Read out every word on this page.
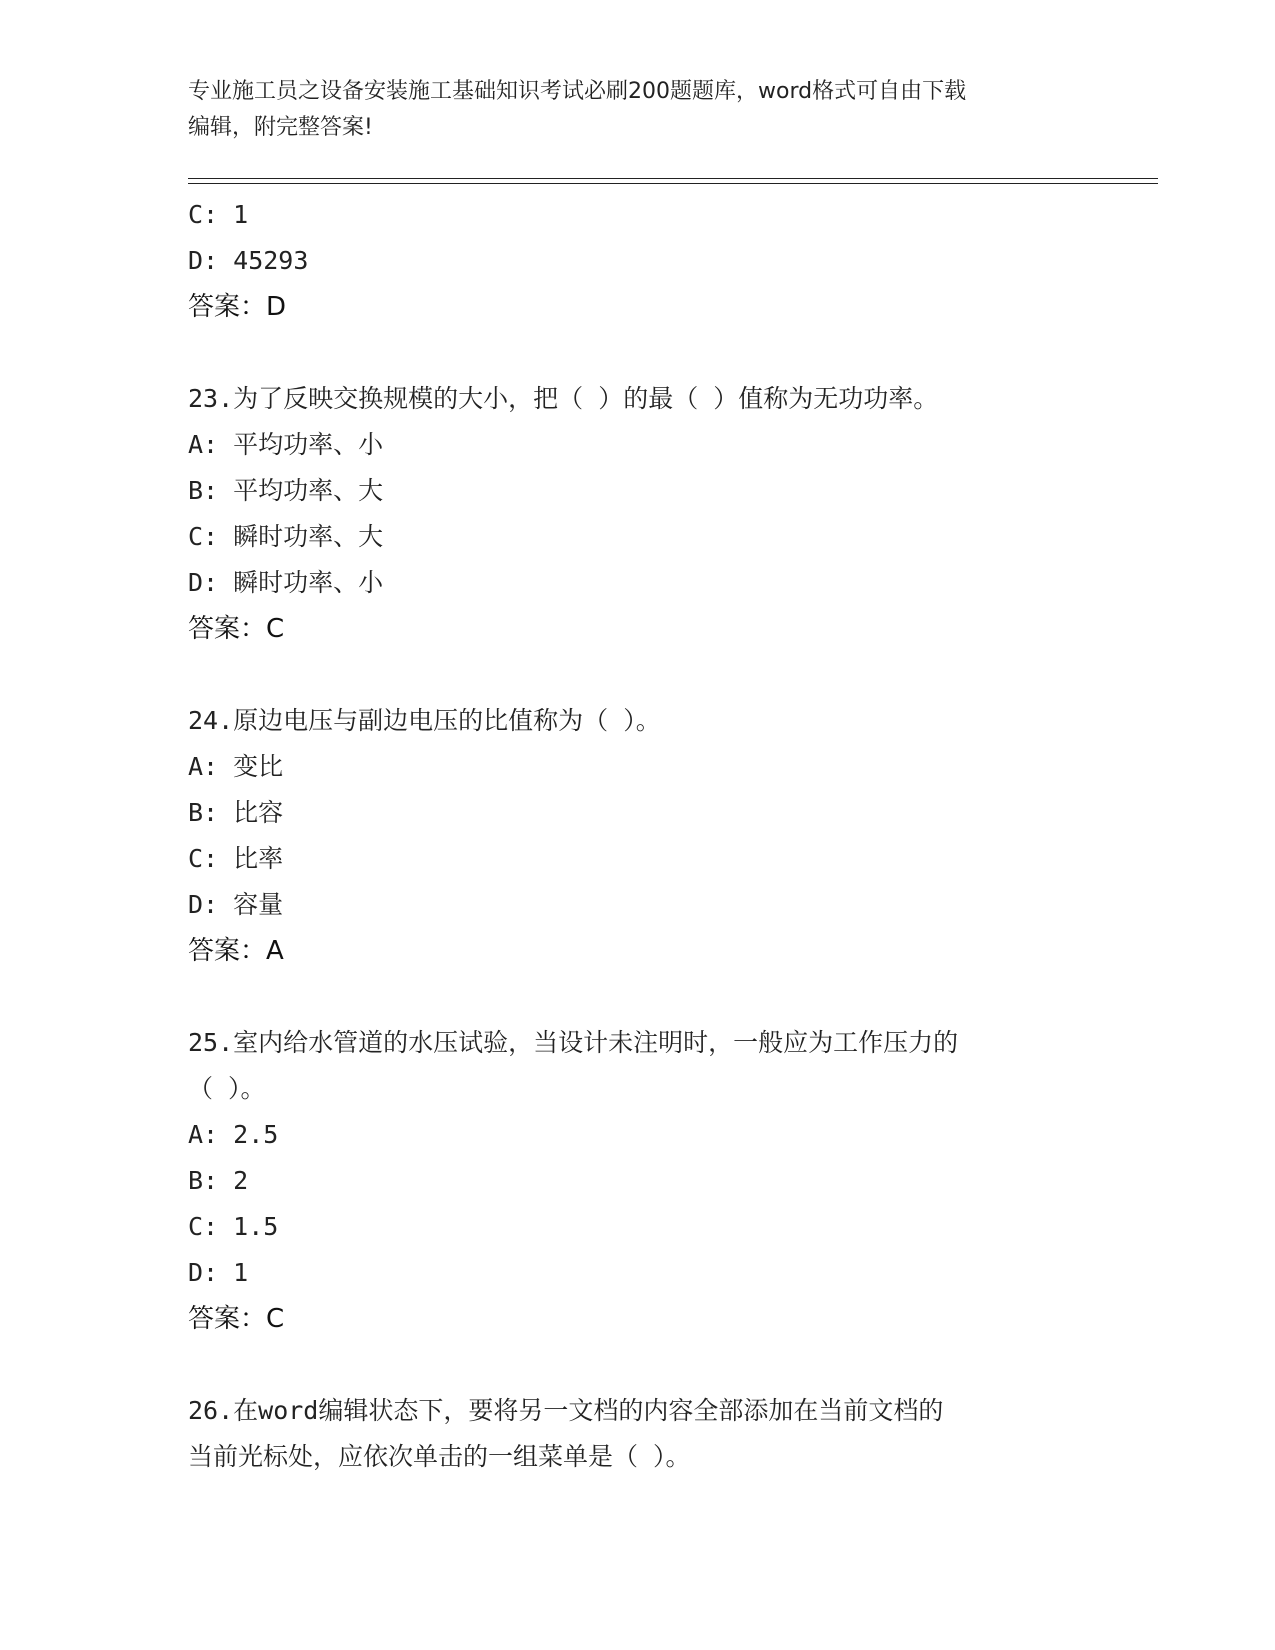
专业施工员之设备安装施工基础知识考试必刷200题题库，word格式可自由下载
编辑，附完整答案!
C: 1
D: 45293
答案：D
23.为了反映交换规模的大小，把（ ）的最（ ）值称为无功功率。
A: 平均功率、小
B: 平均功率、大
C: 瞬时功率、大
D: 瞬时功率、小
答案：C
24.原边电压与副边电压的比值称为（ ）。
A: 变比
B: 比容
C: 比率
D: 容量
答案：A
25.室内给水管道的水压试验，当设计未注明时，一般应为工作压力的
（ ）。
A: 2.5
B: 2
C: 1.5
D: 1
答案：C
26.在word编辑状态下，要将另一文档的内容全部添加在当前文档的
当前光标处，应依次单击的一组菜单是（ ）。
